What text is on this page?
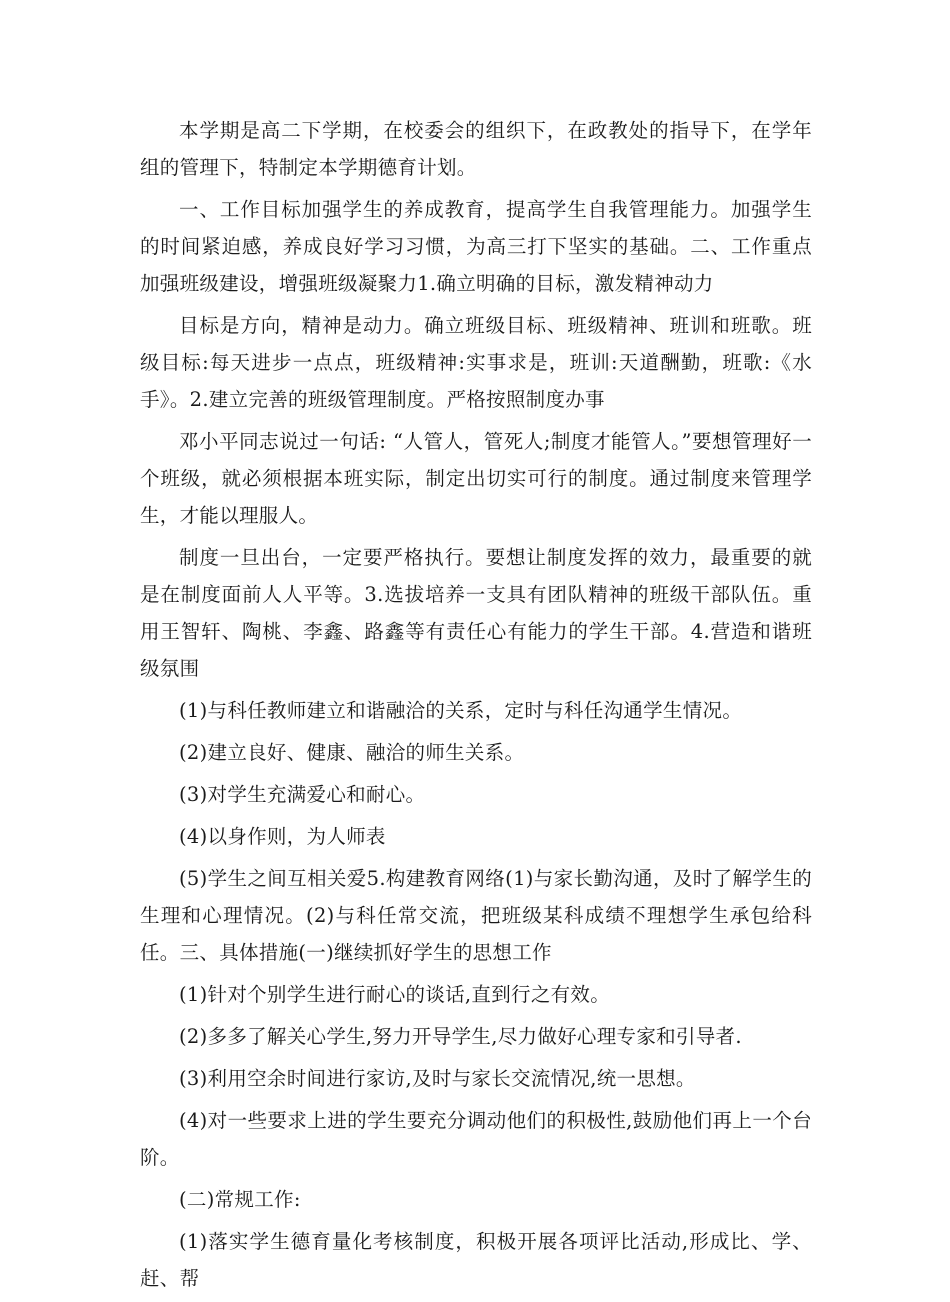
本学期是高二下学期，在校委会的组织下，在政教处的指导下，在学年组的管理下，特制定本学期德育计划。

一、工作目标加强学生的养成教育，提高学生自我管理能力。加强学生的时间紧迫感，养成良好学习习惯，为高三打下坚实的基础。二、工作重点加强班级建设，增强班级凝聚力1.确立明确的目标，激发精神动力

目标是方向，精神是动力。确立班级目标、班级精神、班训和班歌。班级目标:每天进步一点点，班级精神:实事求是，班训:天道酬勤，班歌:《水手》。2.建立完善的班级管理制度。严格按照制度办事

邓小平同志说过一句话: “人管人，管死人;制度才能管人。”要想管理好一个班级，就必须根据本班实际，制定出切实可行的制度。通过制度来管理学生，才能以理服人。

制度一旦出台，一定要严格执行。要想让制度发挥的效力，最重要的就是在制度面前人人平等。3.选拔培养一支具有团队精神的班级干部队伍。重用王智轩、陶桃、李鑫、路鑫等有责任心有能力的学生干部。4.营造和谐班级氛围

(1)与科任教师建立和谐融洽的关系，定时与科任沟通学生情况。

(2)建立良好、健康、融洽的师生关系。

(3)对学生充满爱心和耐心。

(4)以身作则，为人师表

(5)学生之间互相关爱5.构建教育网络(1)与家长勤沟通，及时了解学生的生理和心理情况。(2)与科任常交流，把班级某科成绩不理想学生承包给科任。三、具体措施(一)继续抓好学生的思想工作

(1)针对个别学生进行耐心的谈话,直到行之有效。

(2)多多了解关心学生,努力开导学生,尽力做好心理专家和引导者.

(3)利用空余时间进行家访,及时与家长交流情况,统一思想。

(4)对一些要求上进的学生要充分调动他们的积极性,鼓励他们再上一个台阶。

(二)常规工作:

(1)落实学生德育量化考核制度，积极开展各项评比活动,形成比、学、赶、帮
